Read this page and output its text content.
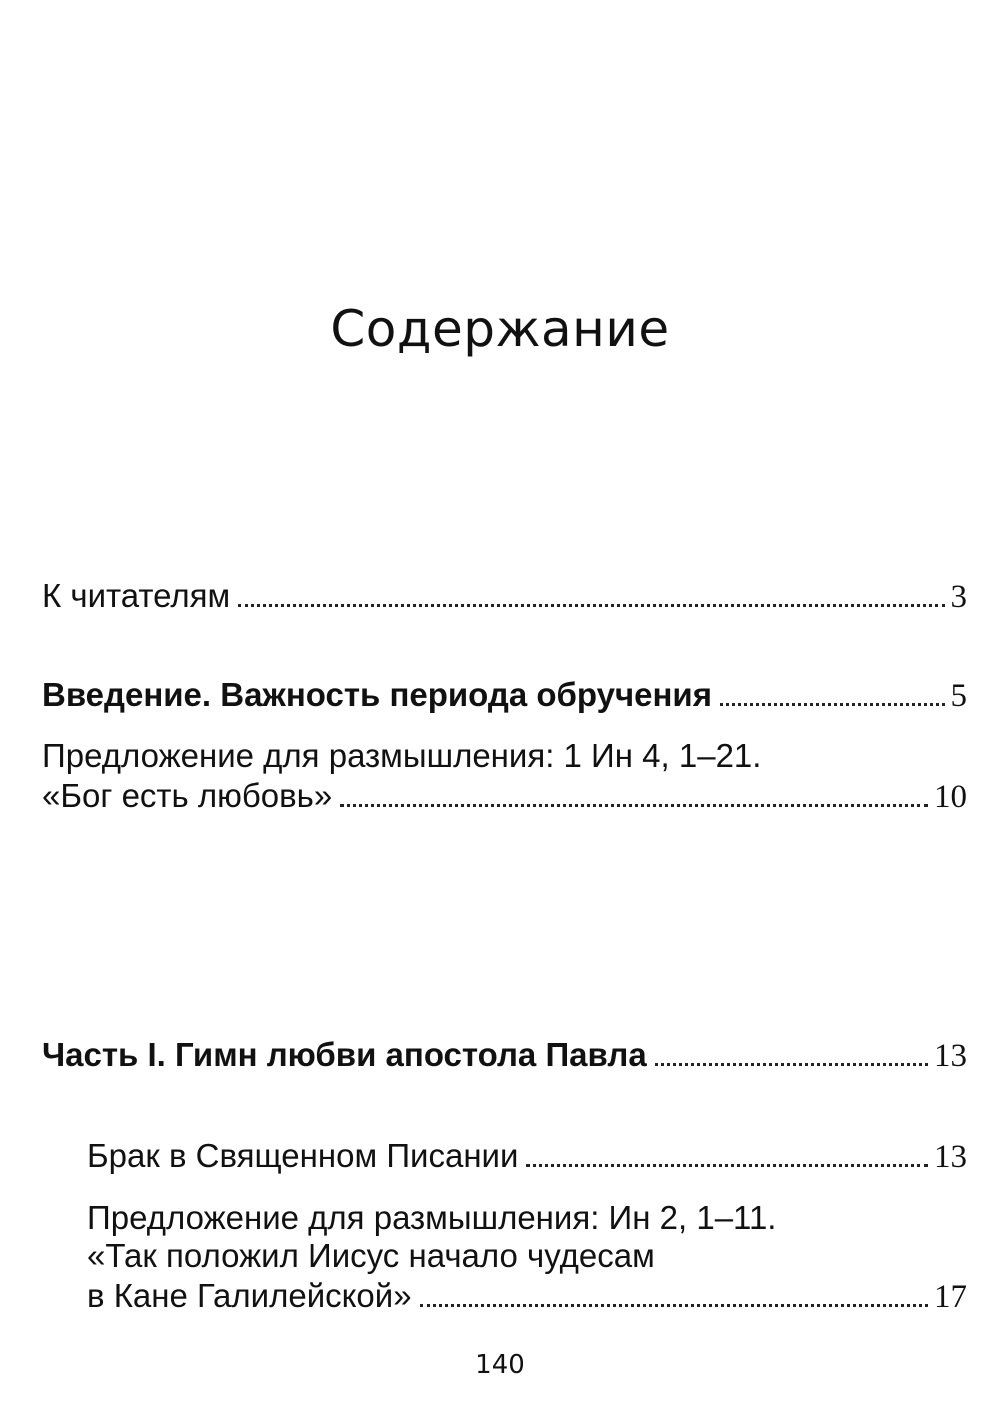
Содержание
К читателям	3
Введение. Важность периода обручения	5
Предложение для размышления: 1 Ин 4, 1–21.
«Бог есть любовь»	10
Часть I. Гимн любви апостола Павла	13
Брак в Священном Писании	13
Предложение для размышления: Ин 2, 1–11.
«Так положил Иисус начало чудесам
в Кане Галилейской»	17
140
